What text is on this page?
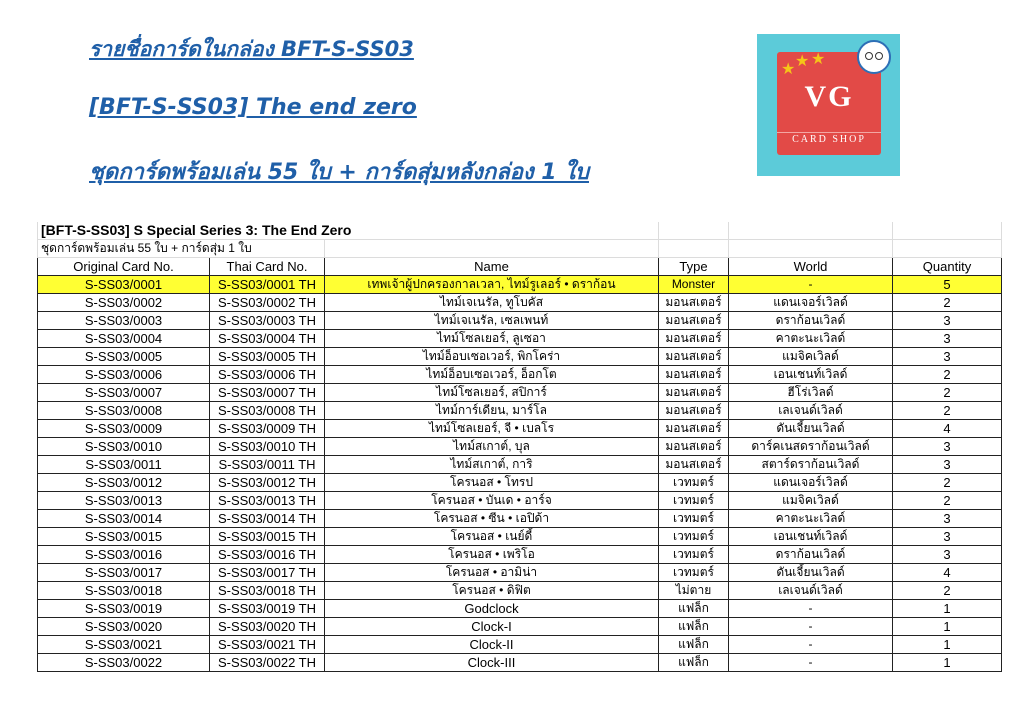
รายชื่อการ์ดในกล่อง BFT-S-SS03
[BFT-S-SS03] The end zero
ชุดการ์ดพร้อมเล่น 55 ใบ + การ์ดสุ่มหลังกล่อง 1 ใบ
★ ★ ★
VG
CARD SHOP
[BFT-S-SS03] S Special Series 3: The End Zero					
ชุดการ์ดพร้อมเล่น 55 ใบ + การ์ดสุ่ม 1 ใบ					
Original Card No.	Thai Card No.	Name	Type	World	Quantity
S-SS03/0001	S-SS03/0001 TH	เทพเจ้าผู้ปกครองกาลเวลา, ไทม์รูเลอร์ • ดราก้อน	Monster	-	5
S-SS03/0002	S-SS03/0002 TH	ไทม์เจเนรัล, ทูโบคัส	มอนสเตอร์	แดนเจอร์เวิลด์	2
S-SS03/0003	S-SS03/0003 TH	ไทม์เจเนรัล, เซลเพนท์	มอนสเตอร์	ดราก้อนเวิลด์	3
S-SS03/0004	S-SS03/0004 TH	ไทม์โซลเยอร์, ลูเซอา	มอนสเตอร์	คาตะนะเวิลด์	3
S-SS03/0005	S-SS03/0005 TH	ไทม์อ็อบเซอเวอร์, พิกโคร่า	มอนสเตอร์	แมจิคเวิลด์	3
S-SS03/0006	S-SS03/0006 TH	ไทม์อ็อบเซอเวอร์, อ็อกโต	มอนสเตอร์	เอนเชนท์เวิลด์	2
S-SS03/0007	S-SS03/0007 TH	ไทม์โซลเยอร์, สปิการ์	มอนสเตอร์	ฮีโร่เวิลด์	2
S-SS03/0008	S-SS03/0008 TH	ไทม์การ์เดียน, มาร์โล	มอนสเตอร์	เลเจนด์เวิลด์	2
S-SS03/0009	S-SS03/0009 TH	ไทม์โซลเยอร์, จี • เบลโร	มอนสเตอร์	ดันเจี้ยนเวิลด์	4
S-SS03/0010	S-SS03/0010 TH	ไทม์สเกาต์, บุล	มอนสเตอร์	ดาร์คเนสดราก้อนเวิลด์	3
S-SS03/0011	S-SS03/0011 TH	ไทม์สเกาต์, การิ	มอนสเตอร์	สตาร์ดราก้อนเวิลด์	3
S-SS03/0012	S-SS03/0012 TH	โครนอส • โทรป	เวทมตร์	แดนเจอร์เวิลด์	2
S-SS03/0013	S-SS03/0013 TH	โครนอส • บันเด • อาร์จ	เวทมตร์	แมจิคเวิลด์	2
S-SS03/0014	S-SS03/0014 TH	โครนอส • ซีน • เอปิด้า	เวทมตร์	คาตะนะเวิลด์	3
S-SS03/0015	S-SS03/0015 TH	โครนอส • เนย์ดี้	เวทมตร์	เอนเชนท์เวิลด์	3
S-SS03/0016	S-SS03/0016 TH	โครนอส • เพริโอ	เวทมตร์	ดราก้อนเวิลด์	3
S-SS03/0017	S-SS03/0017 TH	โครนอส • อามิน่า	เวทมตร์	ดันเจี้ยนเวิลด์	4
S-SS03/0018	S-SS03/0018 TH	โครนอส • ดิฟิต	ไม่ตาย	เลเจนด์เวิลด์	2
S-SS03/0019	S-SS03/0019 TH	Godclock	แฟล็ก	-	1
S-SS03/0020	S-SS03/0020 TH	Clock-I	แฟล็ก	-	1
S-SS03/0021	S-SS03/0021 TH	Clock-II	แฟล็ก	-	1
S-SS03/0022	S-SS03/0022 TH	Clock-III	แฟล็ก	-	1
